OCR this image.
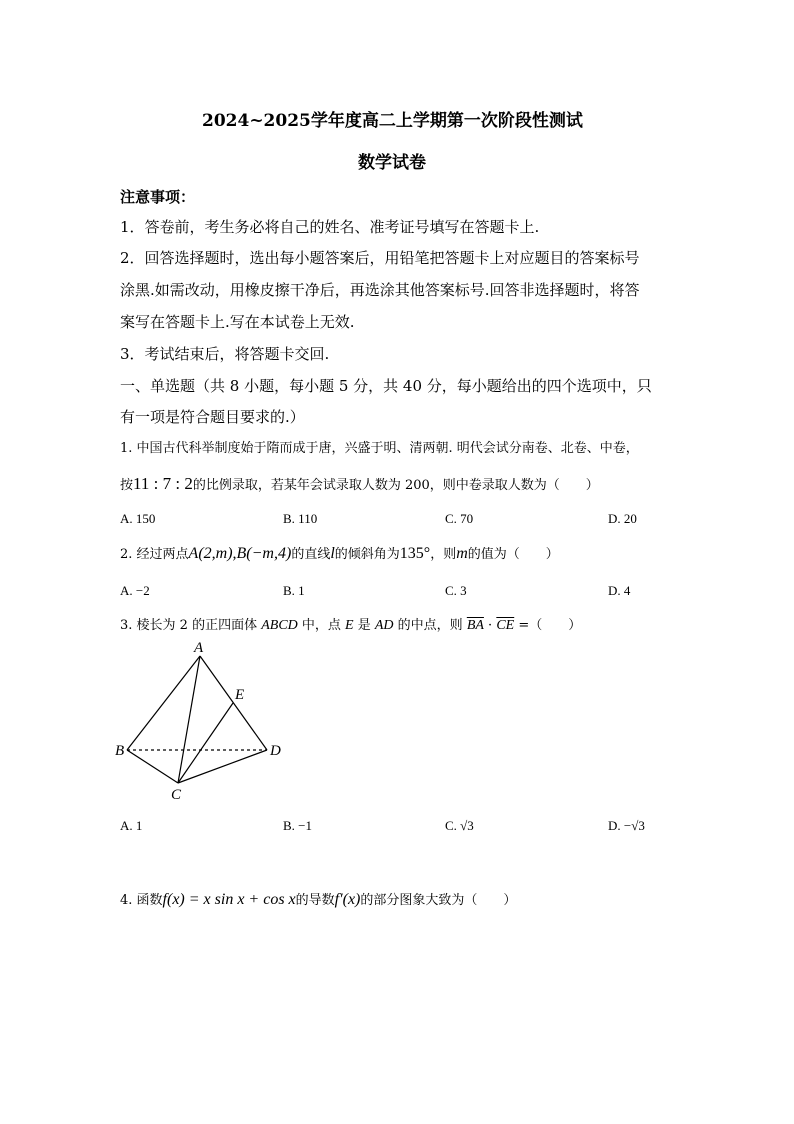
2024~2025学年度高二上学期第一次阶段性测试
数学试卷
注意事项：
1．答卷前，考生务必将自己的姓名、准考证号填写在答题卡上.
2．回答选择题时，选出每小题答案后，用铅笔把答题卡上对应题目的答案标号
涂黑.如需改动，用橡皮擦干净后，再选涂其他答案标号.回答非选择题时，将答
案写在答题卡上.写在本试卷上无效.
3．考试结束后，将答题卡交回.
一、单选题（共 8 小题，每小题 5 分，共 40 分，每小题给出的四个选项中，只
有一项是符合题目要求的.）
1. 中国古代科举制度始于隋而成于唐，兴盛于明、清两朝. 明代会试分南卷、北卷、中卷，
按11 : 7 : 2的比例录取，若某年会试录取人数为 200，则中卷录取人数为（　　）
A. 150	B. 110	C. 70	D. 20
2. 经过两点A(2,m),B(−m,4)的直线l的倾斜角为135°，则m的值为（　　）
A. −2	B. 1	C. 3	D. 4
3. 棱长为 2 的正四面体 ABCD 中，点 E 是 AD 的中点，则 $\overline{BA} \cdot \overline{CE}$ =（　　）
A
B
C
D
E
A. 1	B. −1	C. √3	D. −√3
4. 函数f(x) = x sin x + cos x的导数f′(x)的部分图象大致为（　　）
